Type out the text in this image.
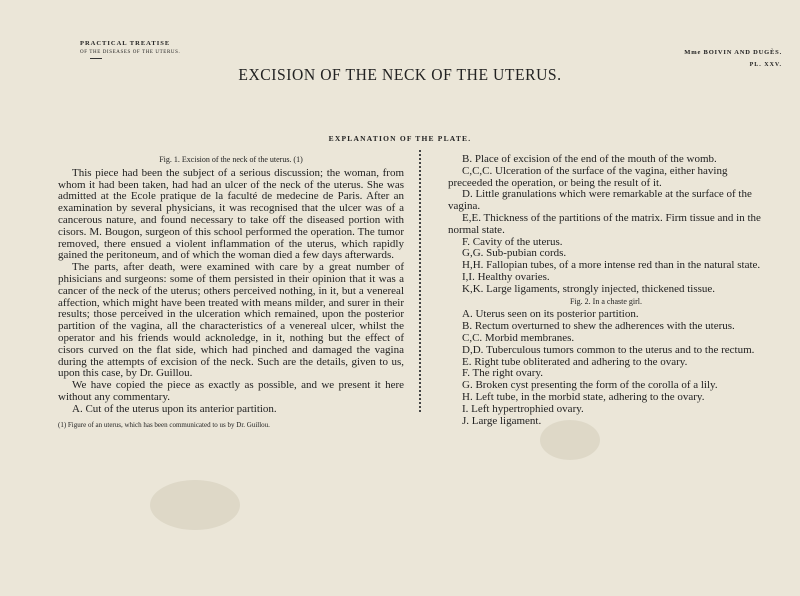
PRACTICAL TREATISE
OF THE DISEASES OF THE UTERUS.	Mme BOIVIN AND DUGÈS.
PL. XXV.
EXCISION OF THE NECK OF THE UTERUS.
EXPLANATION OF THE PLATE.
Fig. 1. Excision of the neck of the uterus. (1)

This piece had been the subject of a serious discussion; the woman, from whom it had been taken, had had an ulcer of the neck of the uterus. She was admitted at the Ecole pratique de la faculté de medecine de Paris. After an examination by several physicians, it was recognised that the ulcer was of a cancerous nature, and found necessary to take off the diseased portion with cisors. M. Bougon, surgeon of this school performed the operation. The tumor removed, there ensued a violent inflammation of the uterus, which rapidly gained the peritoneum, and of which the woman died a few days afterwards.

The parts, after death, were examined with care by a great number of phisicians and surgeons: some of them persisted in their opinion that it was a cancer of the neck of the uterus; others perceived nothing, in it, but a venereal affection, which might have been treated with means milder, and surer in their results; those perceived in the ulceration which remained, upon the posterior partition of the vagina, all the characteristics of a venereal ulcer, whilst the operator and his friends would acknoledge, in it, nothing but the effect of cisors curved on the flat side, which had pinched and damaged the vagina during the attempts of excision of the neck. Such are the details, given to us, upon this case, by Dr. Guillou.

We have copied the piece as exactly as possible, and we present it here without any commentary.

A. Cut of the uterus upon its anterior partition.

(1) Figure of an uterus, which has been communicated to us by Dr. Guillou.

B. Place of excision of the end of the mouth of the womb.

C,C,C. Ulceration of the surface of the vagina, either having preceeded the operation, or being the result of it.

D. Little granulations which were remarkable at the surface of the vagina.

E,E. Thickness of the partitions of the matrix. Firm tissue and in the normal state.

F. Cavity of the uterus.

G,G. Sub-pubian cords.

H,H. Fallopian tubes, of a more intense red than in the natural state.

I,I. Healthy ovaries.

K,K. Large ligaments, strongly injected, thickened tissue.

Fig. 2. In a chaste girl.

A. Uterus seen on its posterior partition.

B. Rectum overturned to shew the adherences with the uterus.

C,C. Morbid membranes.

D,D. Tuberculous tumors common to the uterus and to the rectum.

E. Right tube obliterated and adhering to the ovary.

F. The right ovary.

G. Broken cyst presenting the form of the corolla of a lily.

H. Left tube, in the morbid state, adhering to the ovary.

I. Left hypertrophied ovary.

J. Large ligament.
